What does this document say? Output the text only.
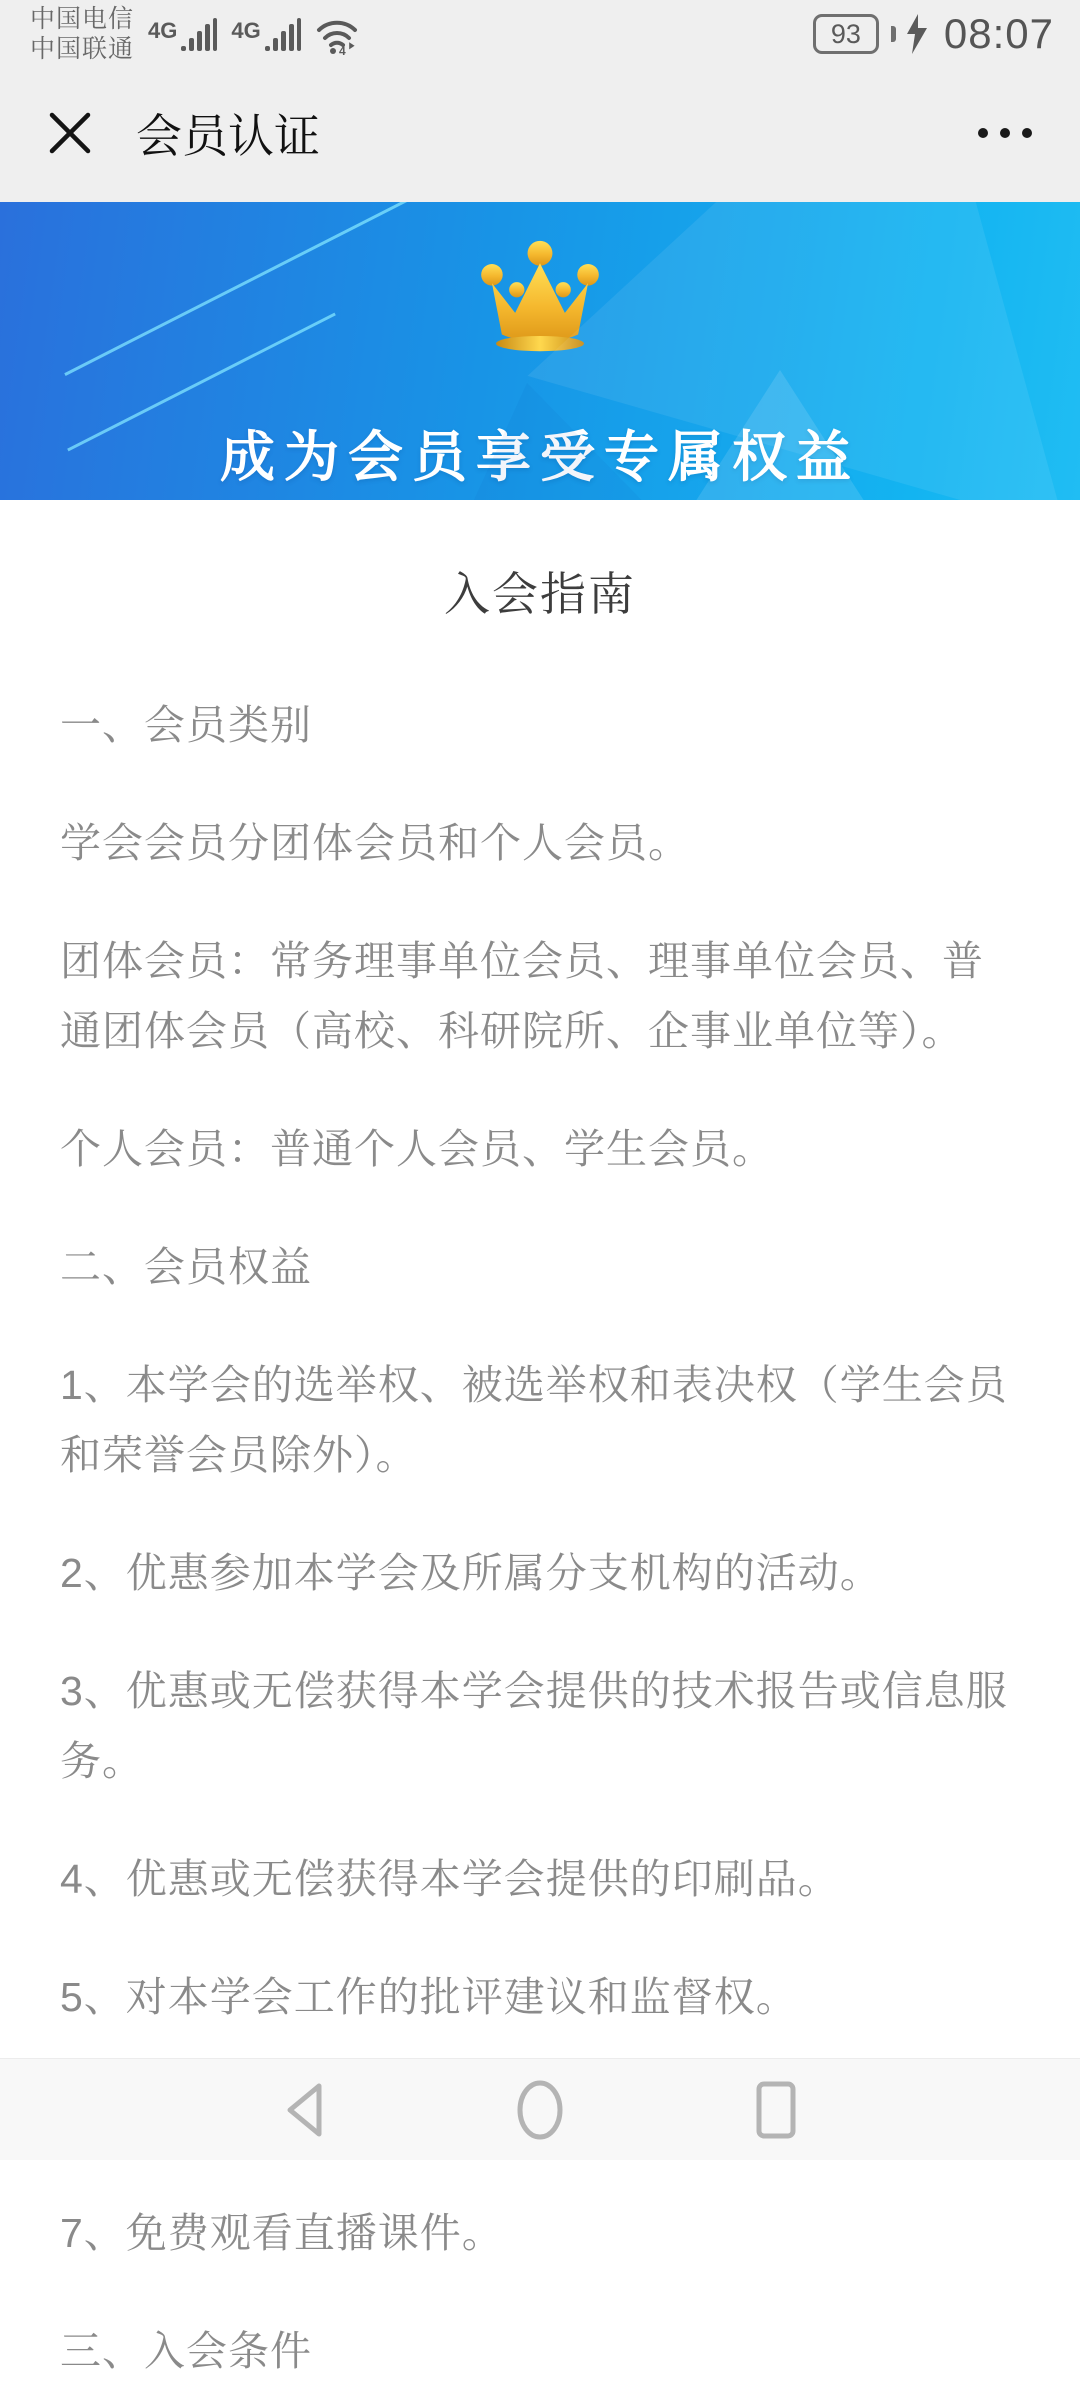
中国电信
中国联通
4G 4G
4
93 08:07
会员认证
成为会员享受专属权益
入会指南

一、会员类别

学会会员分团体会员和个人会员。

团体会员：常务理事单位会员、理事单位会员、普通团体会员（高校、科研院所、企事业单位等）。

个人会员：普通个人会员、学生会员。

二、会员权益

1、本学会的选举权、被选举权和表决权（学生会员和荣誉会员除外）。

2、优惠参加本学会及所属分支机构的活动。

3、优惠或无偿获得本学会提供的技术报告或信息服务。

4、优惠或无偿获得本学会提供的印刷品。

5、对本学会工作的批评建议和监督权。

7、免费观看直播课件。

三、入会条件
